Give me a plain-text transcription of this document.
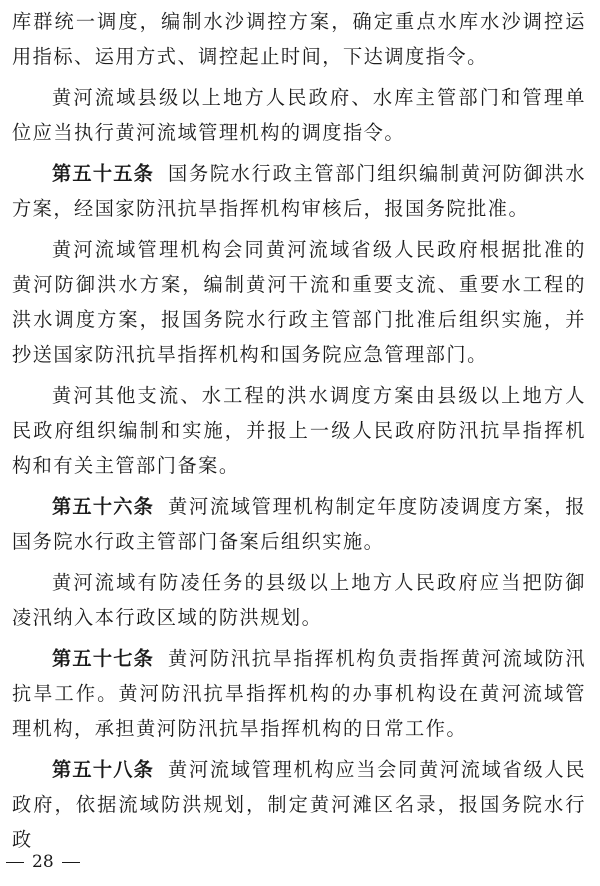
库群统一调度，编制水沙调控方案，确定重点水库水沙调控运用指标、运用方式、调控起止时间，下达调度指令。

黄河流域县级以上地方人民政府、水库主管部门和管理单位应当执行黄河流域管理机构的调度指令。

第五十五条 国务院水行政主管部门组织编制黄河防御洪水方案，经国家防汛抗旱指挥机构审核后，报国务院批准。

黄河流域管理机构会同黄河流域省级人民政府根据批准的黄河防御洪水方案，编制黄河干流和重要支流、重要水工程的洪水调度方案，报国务院水行政主管部门批准后组织实施，并抄送国家防汛抗旱指挥机构和国务院应急管理部门。

黄河其他支流、水工程的洪水调度方案由县级以上地方人民政府组织编制和实施，并报上一级人民政府防汛抗旱指挥机构和有关主管部门备案。

第五十六条 黄河流域管理机构制定年度防凌调度方案，报国务院水行政主管部门备案后组织实施。

黄河流域有防凌任务的县级以上地方人民政府应当把防御凌汛纳入本行政区域的防洪规划。

第五十七条 黄河防汛抗旱指挥机构负责指挥黄河流域防汛抗旱工作。黄河防汛抗旱指挥机构的办事机构设在黄河流域管理机构，承担黄河防汛抗旱指挥机构的日常工作。

第五十八条 黄河流域管理机构应当会同黄河流域省级人民政府，依据流域防洪规划，制定黄河滩区名录，报国务院水行政

28
